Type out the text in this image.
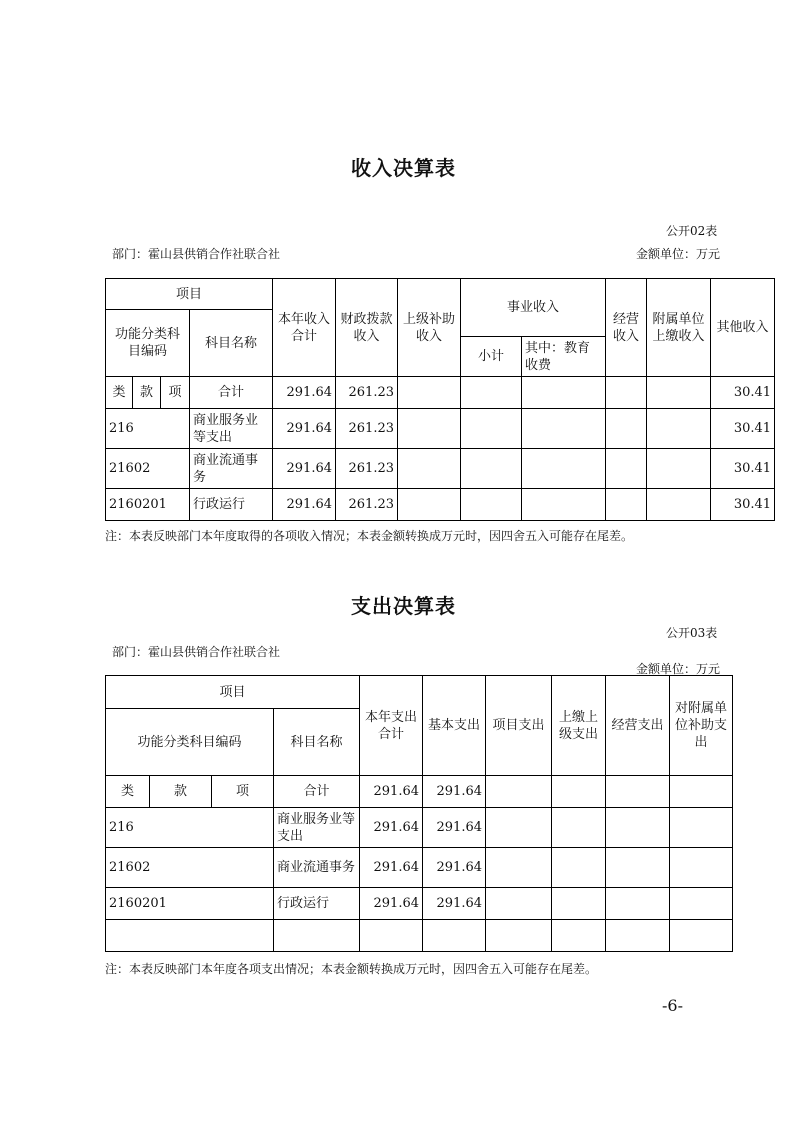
收入决算表
公开02表
部门：霍山县供销合作社联合社	金额单位：万元
项目				本年收入合计	财政拨款收入	上级补助收入	事业收入		经营收入	附属单位上缴收入	其他收入
功能分类科目编码			科目名称								
							小计	其中：教育收费			
类	款	项	合计	291.64	261.23						30.41
216			商业服务业等支出	291.64	261.23						30.41
21602			商业流通事务	291.64	261.23						30.41
2160201			行政运行	291.64	261.23						30.41
注：本表反映部门本年度取得的各项收入情况；本表金额转换成万元时，因四舍五入可能存在尾差。
支出决算表
公开03表
部门：霍山县供销合作社联合社
金额单位：万元
项目				本年支出合计	基本支出	项目支出	上缴上级支出	经营支出	对附属单位补助支出
功能分类科目编码			科目名称						
类	款	项	合计	291.64	291.64				
216			商业服务业等支出	291.64	291.64				
21602			商业流通事务	291.64	291.64				
2160201			行政运行	291.64	291.64				

注：本表反映部门本年度各项支出情况；本表金额转换成万元时，因四舍五入可能存在尾差。
-6-
